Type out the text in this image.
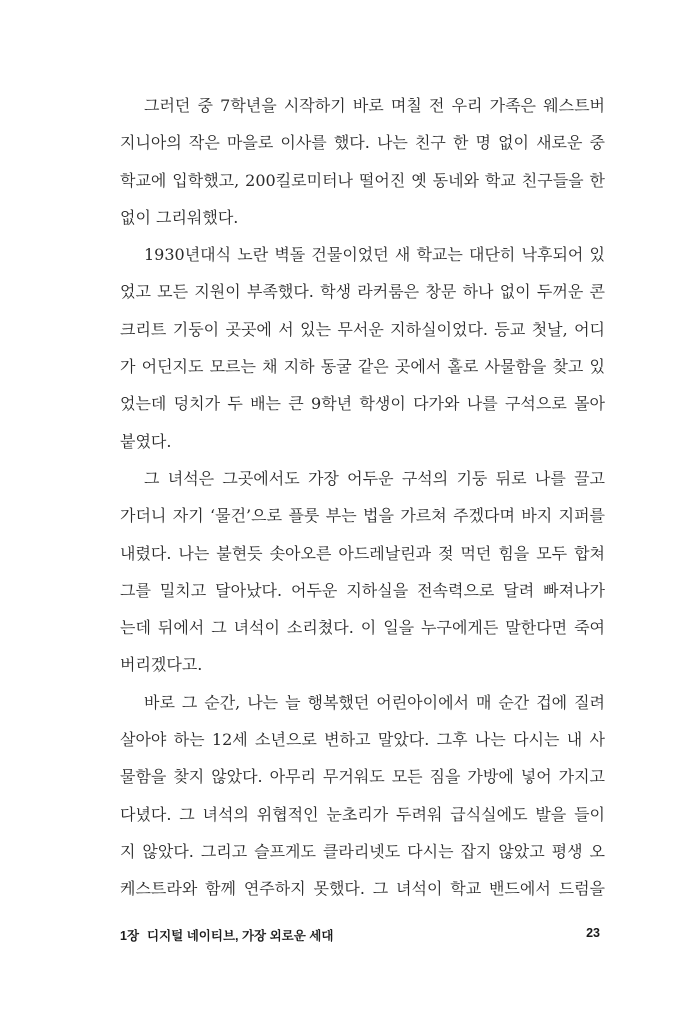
그러던 중 7학년을 시작하기 바로 며칠 전 우리 가족은 웨스트버
지니아의 작은 마을로 이사를 했다. 나는 친구 한 명 없이 새로운 중
학교에 입학했고, 200킬로미터나 떨어진 옛 동네와 학교 친구들을 한
없이 그리워했다.
1930년대식 노란 벽돌 건물이었던 새 학교는 대단히 낙후되어 있
었고 모든 지원이 부족했다. 학생 라커룸은 창문 하나 없이 두꺼운 콘
크리트 기둥이 곳곳에 서 있는 무서운 지하실이었다. 등교 첫날, 어디
가 어딘지도 모르는 채 지하 동굴 같은 곳에서 홀로 사물함을 찾고 있
었는데 덩치가 두 배는 큰 9학년 학생이 다가와 나를 구석으로 몰아
붙였다.
그 녀석은 그곳에서도 가장 어두운 구석의 기둥 뒤로 나를 끌고
가더니 자기 ‘물건’으로 플룻 부는 법을 가르쳐 주겠다며 바지 지퍼를
내렸다. 나는 불현듯 솟아오른 아드레날린과 젖 먹던 힘을 모두 합쳐
그를 밀치고 달아났다. 어두운 지하실을 전속력으로 달려 빠져나가
는데 뒤에서 그 녀석이 소리쳤다. 이 일을 누구에게든 말한다면 죽여
버리겠다고.
바로 그 순간, 나는 늘 행복했던 어린아이에서 매 순간 겁에 질려
살아야 하는 12세 소년으로 변하고 말았다. 그후 나는 다시는 내 사
물함을 찾지 않았다. 아무리 무거워도 모든 짐을 가방에 넣어 가지고
다녔다. 그 녀석의 위협적인 눈초리가 두려워 급식실에도 발을 들이
지 않았다. 그리고 슬프게도 클라리넷도 다시는 잡지 않았고 평생 오
케스트라와 함께 연주하지 못했다. 그 녀석이 학교 밴드에서 드럼을
1장 디지털 네이티브, 가장 외로운 세대	23
